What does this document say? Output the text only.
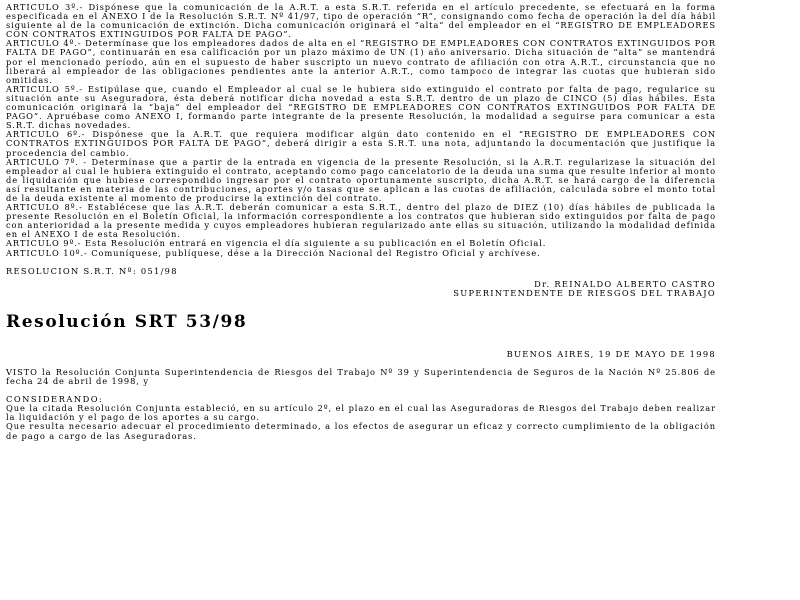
ARTICULO 3º.- Dispónese que la comunicación de la A.R.T. a esta S.R.T. referida en el artículo precedente, se efectuará en la forma especificada en el ANEXO I de la Resolución S.R.T. Nº 41/97, tipo de operación “R”, consignando como fecha de operación la del día hábil siguiente al de la comunicación de extinción. Dicha comunicación originará el “alta” del empleador en el “REGISTRO DE EMPLEADORES CON CONTRATOS EXTINGUIDOS POR FALTA DE PAGO”.

ARTICULO 4º.- Determínase que los empleadores dados de alta en el “REGISTRO DE EMPLEADORES CON CONTRATOS EXTINGUIDOS POR FALTA DE PAGO”, continuarán en esa calificación por un plazo máximo de UN (1) año aniversario. Dicha situación de “alta” se mantendrá por el mencionado período, aún en el supuesto de haber suscripto un nuevo contrato de afiliación con otra A.R.T., circunstancia que no liberará al empleador de las obligaciones pendientes ante la anterior A.R.T., como tampoco de integrar las cuotas que hubieran sido omitidas.

ARTICULO 5º.- Estipúlase que, cuando el Empleador al cual se le hubiera sido extinguido el contrato por falta de pago, regularice su situación ante su Aseguradora, ésta deberá notificar dicha novedad a esta S.R.T. dentro de un plazo de CINCO (5) días hábiles. Esta comunicación originará la “baja” del empleador del “REGISTRO DE EMPLEADORES CON CONTRATOS EXTINGUIDOS POR FALTA DE PAGO”. Apruébase como ANEXO I, formando parte integrante de la presente Resolución, la modalidad a seguirse para comunicar a esta S.R.T. dichas novedades.

ARTICULO 6º.- Dispónese que la A.R.T. que requiera modificar algún dato contenido en el “REGISTRO DE EMPLEADORES CON CONTRATOS EXTINGUIDOS POR FALTA DE PAGO”, deberá dirigir a esta S.R.T. una nota, adjuntando la documentación que justifique la procedencia del cambio.

ARTICULO 7º. - Determínase que a partir de la entrada en vigencia de la presente Resolución, si la A.R.T. regularizase la situación del empleador al cual le hubiera extinguido el contrato, aceptando como pago cancelatorio de la deuda una suma que resulte inferior al monto de liquidación que hubiese correspondido ingresar por el contrato oportunamente suscripto, dicha A.R.T. se hará cargo de la diferencia así resultante en materia de las contribuciones, aportes y/o tasas que se aplican a las cuotas de afiliación, calculada sobre el monto total de la deuda existente al momento de producirse la extinción del contrato.

ARTICULO 8º.- Establécese que las A.R.T. deberán comunicar a esta S.R.T., dentro del plazo de DIEZ (10) días hábiles de publicada la presente Resolución en el Boletín Oficial, la información correspondiente a los contratos que hubieran sido extinguidos por falta de pago con anterioridad a la presente medida y cuyos empleadores hubieran regularizado ante ellas su situación, utilizando la modalidad definida en el ANEXO I de esta Resolución.

ARTICULO 9º.- Esta Resolución entrará en vigencia el día siguiente a su publicación en el Boletín Oficial.

ARTICULO 10º.- Comuníquese, publíquese, dése a la Dirección Nacional del Registro Oficial y archívese.

RESOLUCION S.R.T. Nº: 051/98

Dr. REINALDO ALBERTO CASTRO

SUPERINTENDENTE DE RIESGOS DEL TRABAJO

Resolución SRT 53/98

BUENOS AIRES, 19 DE MAYO DE 1998

VISTO la Resolución Conjunta Superintendencia de Riesgos del Trabajo Nº 39 y Superintendencia de Seguros de la Nación Nº 25.806 de fecha 24 de abril de 1998, y

CONSIDERANDO:

Que la citada Resolución Conjunta estableció, en su artículo 2º, el plazo en el cual las Aseguradoras de Riesgos del Trabajo deben realizar la liquidación y el pago de los aportes a su cargo.

Que resulta necesario adecuar el procedimiento determinado, a los efectos de asegurar un eficaz y correcto cumplimiento de la obligación de pago a cargo de las Aseguradoras.
